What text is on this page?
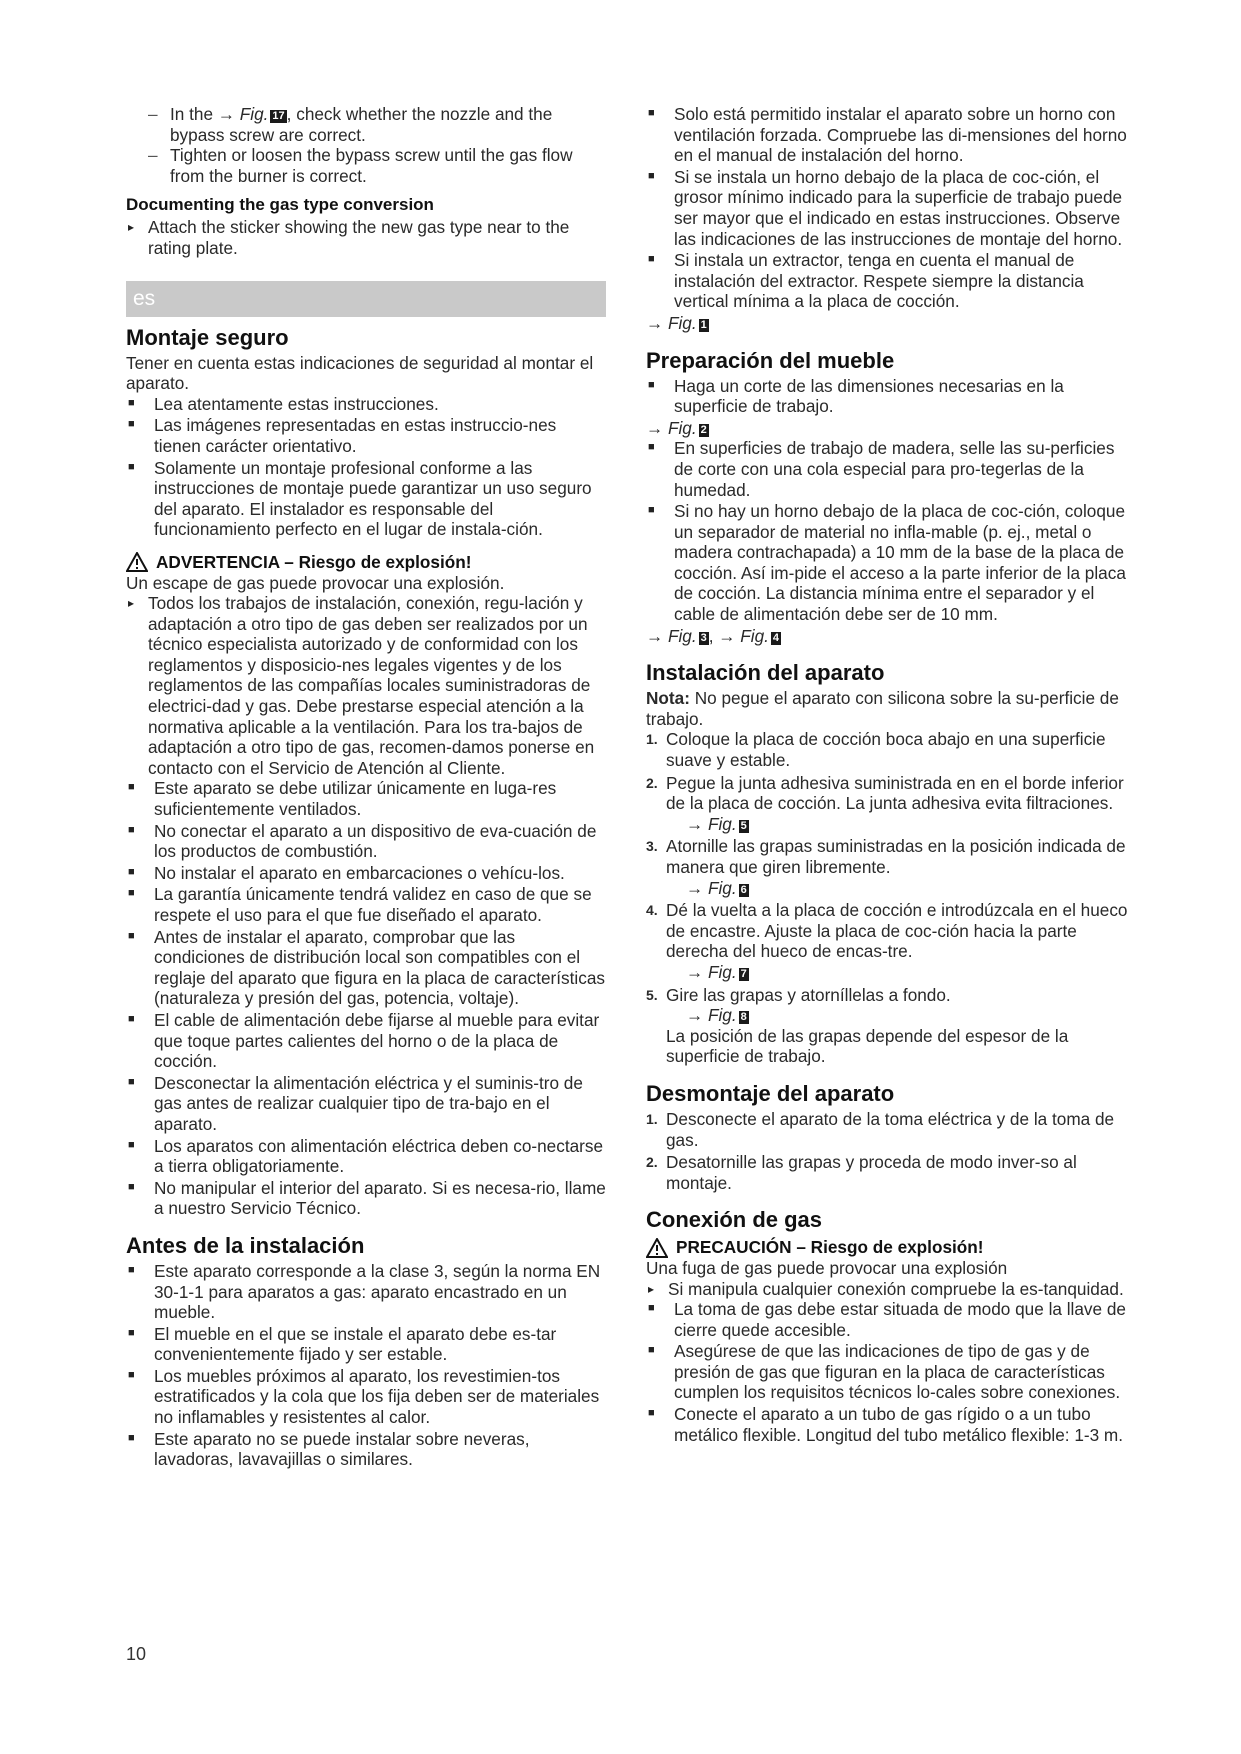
– In the → Fig. 17 , check whether the nozzle and the bypass screw are correct.

– Tighten or loosen the bypass screw until the gas flow from the burner is correct.

Documenting the gas type conversion

▸ Attach the sticker showing the new gas type near to the rating plate.

es
Montaje seguro

Tener en cuenta estas indicaciones de seguridad al montar el aparato.

■ Lea atentamente estas instrucciones.

■ Las imágenes representadas en estas instruccio-nes tienen carácter orientativo.

■ Solamente un montaje profesional conforme a las instrucciones de montaje puede garantizar un uso seguro del aparato. El instalador es responsable del funcionamiento perfecto en el lugar de instala-ción.

ADVERTENCIA – Riesgo de explosión!

Un escape de gas puede provocar una explosión.

▸ Todos los trabajos de instalación, conexión, regu-lación y adaptación a otro tipo de gas deben ser realizados por un técnico especialista autorizado y de conformidad con los reglamentos y disposicio-nes legales vigentes y de los reglamentos de las compañías locales suministradoras de electrici-dad y gas. Debe prestarse especial atención a la normativa aplicable a la ventilación. Para los tra-bajos de adaptación a otro tipo de gas, recomen-damos ponerse en contacto con el Servicio de Atención al Cliente.

■ Este aparato se debe utilizar únicamente en luga-res suficientemente ventilados.

■ No conectar el aparato a un dispositivo de eva-cuación de los productos de combustión.

■ No instalar el aparato en embarcaciones o vehícu-los.

■ La garantía únicamente tendrá validez en caso de que se respete el uso para el que fue diseñado el aparato.

■ Antes de instalar el aparato, comprobar que las condiciones de distribución local son compatibles con el reglaje del aparato que figura en la placa de características (naturaleza y presión del gas, potencia, voltaje).

■ El cable de alimentación debe fijarse al mueble para evitar que toque partes calientes del horno o de la placa de cocción.

■ Desconectar la alimentación eléctrica y el suminis-tro de gas antes de realizar cualquier tipo de tra-bajo en el aparato.

■ Los aparatos con alimentación eléctrica deben co-nectarse a tierra obligatoriamente.

■ No manipular el interior del aparato. Si es necesa-rio, llame a nuestro Servicio Técnico.

Antes de la instalación

■ Este aparato corresponde a la clase 3, según la norma EN 30-1-1 para aparatos a gas: aparato encastrado en un mueble.

■ El mueble en el que se instale el aparato debe es-tar convenientemente fijado y ser estable.

■ Los muebles próximos al aparato, los revestimien-tos estratificados y la cola que los fija deben ser de materiales no inflamables y resistentes al calor.

■ Este aparato no se puede instalar sobre neveras, lavadoras, lavavajillas o similares.

■ Solo está permitido instalar el aparato sobre un horno con ventilación forzada. Compruebe las di-mensiones del horno en el manual de instalación del horno.

■ Si se instala un horno debajo de la placa de coc-ción, el grosor mínimo indicado para la superficie de trabajo puede ser mayor que el indicado en estas instrucciones. Observe las indicaciones de las instrucciones de montaje del horno.

■ Si instala un extractor, tenga en cuenta el manual de instalación del extractor. Respete siempre la distancia vertical mínima a la placa de cocción.

→ Fig. 1

Preparación del mueble

■ Haga un corte de las dimensiones necesarias en la superficie de trabajo.

→ Fig. 2

■ En superficies de trabajo de madera, selle las su-perficies de corte con una cola especial para pro-tegerlas de la humedad.

■ Si no hay un horno debajo de la placa de coc-ción, coloque un separador de material no infla-mable (p. ej., metal o madera contrachapada) a 10 mm de la base de la placa de cocción. Así im-pide el acceso a la parte inferior de la placa de cocción. La distancia mínima entre el separador y el cable de alimentación debe ser de 10 mm.

→ Fig. 3 , → Fig. 4

Instalación del aparato

Nota: No pegue el aparato con silicona sobre la su-perficie de trabajo.

1. Coloque la placa de cocción boca abajo en una superficie suave y estable.
2. Pegue la junta adhesiva suministrada en en el borde inferior de la placa de cocción. La junta adhesiva evita filtraciones.

→ Fig. 5

3. Atornille las grapas suministradas en la posición indicada de manera que giren libremente.

→ Fig. 6

4. Dé la vuelta a la placa de cocción e introdúzcala en el hueco de encastre. Ajuste la placa de coc-ción hacia la parte derecha del hueco de encas-tre.

→ Fig. 7

5. Gire las grapas y atorníllelas a fondo.

→ Fig. 8

La posición de las grapas depende del espesor de la superficie de trabajo.

Desmontaje del aparato
1. Desconecte el aparato de la toma eléctrica y de la toma de gas.
2. Desatornille las grapas y proceda de modo inver-so al montaje.
Conexión de gas
PRECAUCIÓN – Riesgo de explosión!

Una fuga de gas puede provocar una explosión

▸ Si manipula cualquier conexión compruebe la es-tanquidad.

■ La toma de gas debe estar situada de modo que la llave de cierre quede accesible.

■ Asegúrese de que las indicaciones de tipo de gas y de presión de gas que figuran en la placa de características cumplen los requisitos técnicos lo-cales sobre conexiones.

■ Conecte el aparato a un tubo de gas rígido o a un tubo metálico flexible. Longitud del tubo metálico flexible: 1-3 m.

10
